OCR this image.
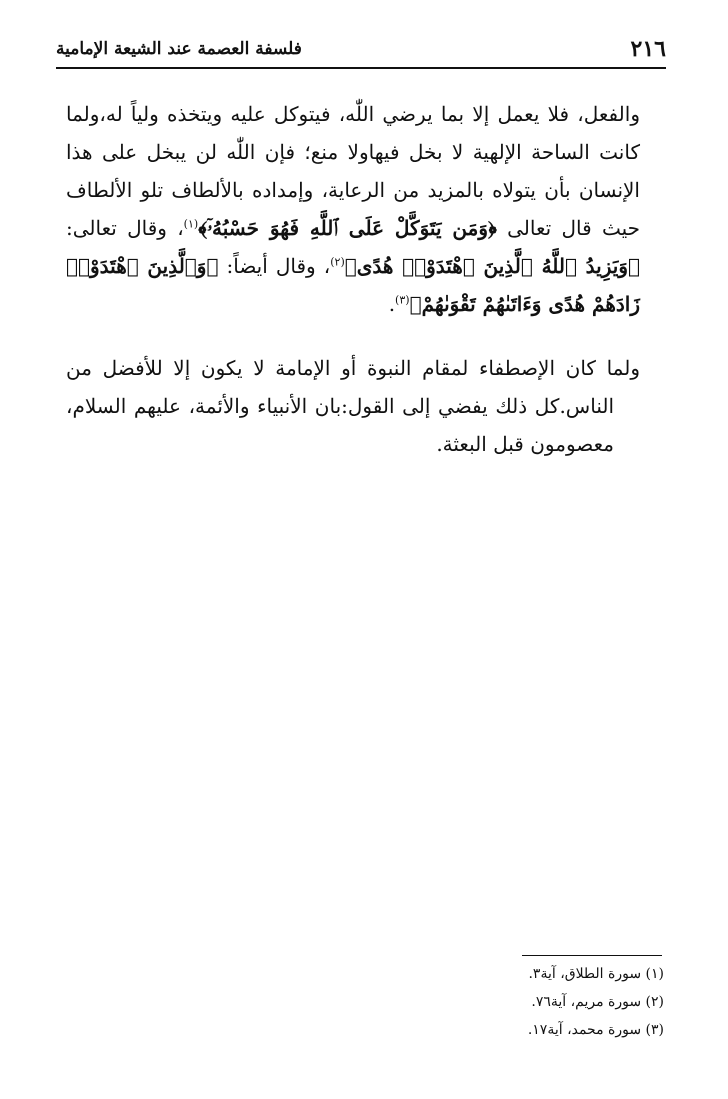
٢١٦
فلسفة العصمة عند الشيعة الإمامية

والفعل، فلا يعمل إلا بما يرضي اللّٰه، فيتوكل عليه ويتخذه ولياً له،ولما كانت الساحة الإلهية لا بخل فيهاولا منع؛ فإن اللّٰه لن يبخل على هذا الإنسان بأن يتولاه بالمزيد من الرعاية، وإمداده بالألطاف تلو الألطاف حيث قال تعالى ﴿وَمَن يَتَوَكَّلْ عَلَى ٱللَّهِ فَهُوَ حَسْبُهُۥٓ﴾$^{(١)}$، وقال تعالى: ﴿وَيَزِيدُ ٱللَّهُ ٱلَّذِينَ ٱهْتَدَوْا۟ هُدًى﴾$^{(٢)}$، وقال أيضاً: ﴿وَٱلَّذِينَ ٱهْتَدَوْا۟ زَادَهُمْ هُدًى وَءَاتَىٰهُمْ تَقْوَىٰهُمْ﴾$^{(٣)}$.

ولما كان الإصطفاء لمقام النبوة أو الإمامة لا يكون إلا للأفضل من الناس.كل ذلك يفضي إلى القول:بان الأنبياء والأئمة، عليهم السلام، معصومون قبل البعثة.

(١) سورة الطلاق، آية٣.

(٢) سورة مريم، آية٧٦.

(٣) سورة محمد، آية١٧.
